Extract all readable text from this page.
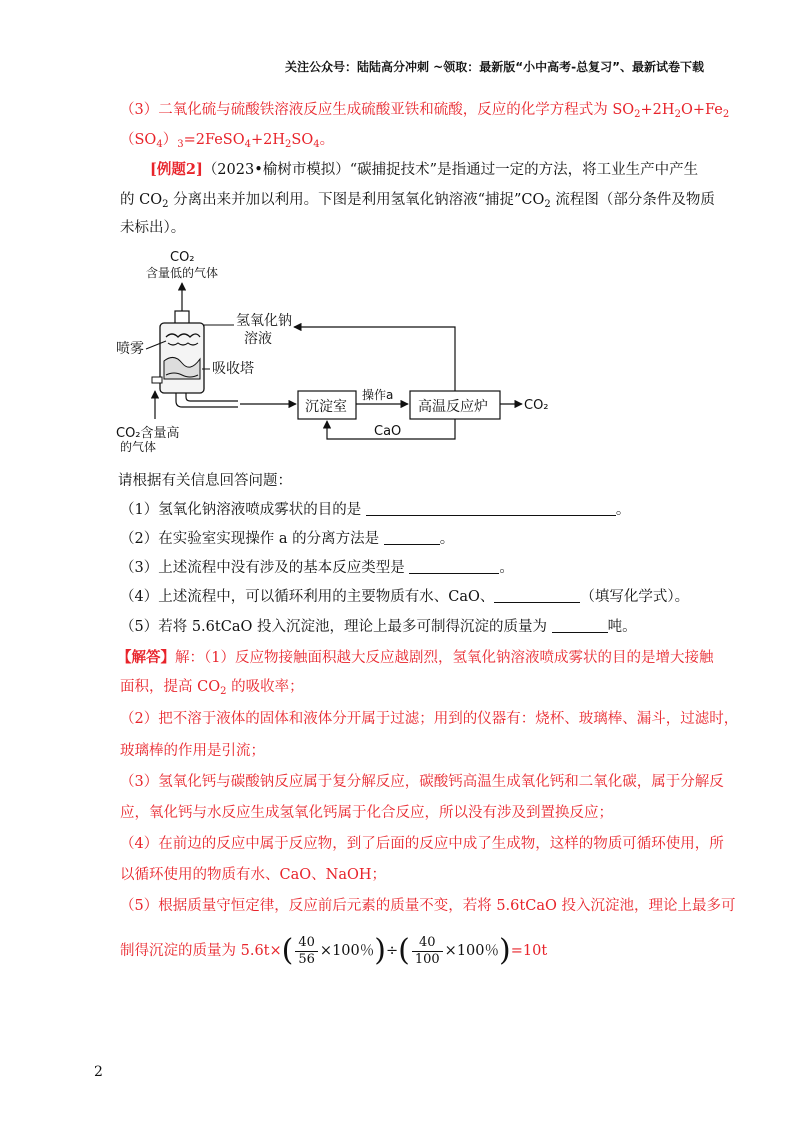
关注公众号：陆陆高分冲刺 ~领取：最新版“小中高考-总复习”、最新试卷下载
（3）二氧化硫与硫酸铁溶液反应生成硫酸亚铁和硫酸，反应的化学方程式为 $SO_2+2H_2O+Fe_2$
$(SO_4)_3=2FeSO_4+2H_2SO_4$。
[例题2]（2023•榆树市模拟）“碳捕捉技术”是指通过一定的方法，将工业生产中产生
的 $CO_2$ 分离出来并加以利用。下图是利用氢氧化钠溶液“捕捉$”CO_2$ 流程图（部分条件及物质
未标出）。
CO₂
含量低的气体
氢氧化钠
溶液
喷雾
吸收塔
CO₂含量高
的气体
沉淀室
操作a
高温反应炉	CO₂
CaO
请根据有关信息回答问题：
（1）氢氧化钠溶液喷成雾状的目的是	。
（2）在实验室实现操作 a 的分离方法是	。
（3）上述流程中没有涉及的基本反应类型是	。
（4）上述流程中，可以循环利用的主要物质有水、CaO、	（填写化学式）。
（5）若将 5.6tCaO 投入沉淀池，理论上最多可制得沉淀的质量为	吨。
【解答】解：（1）反应物接触面积越大反应越剧烈，氢氧化钠溶液喷成雾状的目的是增大接触
面积，提高 $CO_2$ 的吸收率；
（2）把不溶于液体的固体和液体分开属于过滤；用到的仪器有：烧杯、玻璃棒、漏斗，过滤时，
玻璃棒的作用是引流；
（3）氢氧化钙与碳酸钠反应属于复分解反应，碳酸钙高温生成氧化钙和二氧化碳，属于分解反
应，氧化钙与水反应生成氢氧化钙属于化合反应，所以没有涉及到置换反应；
（4）在前边的反应中属于反应物，到了后面的反应中成了生成物，这样的物质可循环使用，所
以循环使用的物质有水、CaO、NaOH；
（5）根据质量守恒定律，反应前后元素的质量不变，若将 5.6tCaO 投入沉淀池，理论上最多可
制得沉淀的质量为 $5.6t\times( \frac{40}{56} \times 100$％)÷( $\frac{40}{100} \times 100$％)=10t
2
